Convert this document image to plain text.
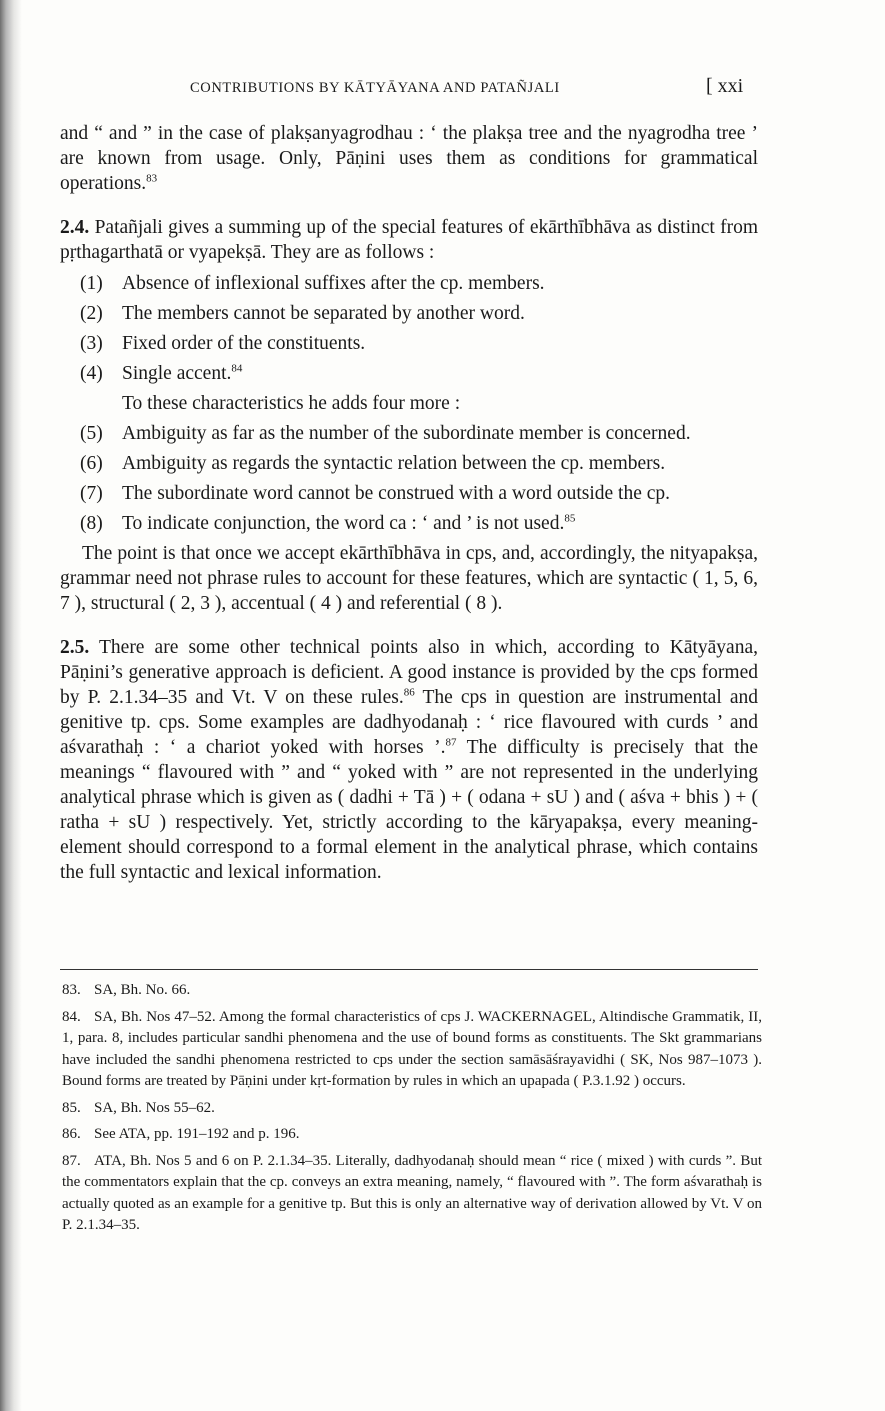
CONTRIBUTIONS BY KĀTYĀYANA AND PATAÑJALI	[ xxi

and “ and ” in the case of plakṣanyagrodhau : ‘ the plakṣa tree and the nyagrodha tree ’ are known from usage. Only, Pāṇini uses them as conditions for grammatical operations.$^{83}$

2.4. Patañjali gives a summing up of the special features of ekārthībhāva as distinct from pṛthagarthatā or vyapekṣā. They are as follows :

(1) Absence of inflexional suffixes after the cp. members.
(2) The members cannot be separated by another word.
(3) Fixed order of the constituents.
(4) Single accent.$^{84}$
To these characteristics he adds four more :
(5) Ambiguity as far as the number of the subordinate member is concerned.
(6) Ambiguity as regards the syntactic relation between the cp. members.
(7) The subordinate word cannot be construed with a word outside the cp.
(8) To indicate conjunction, the word ca : ‘ and ’ is not used.$^{85}$

The point is that once we accept ekārthībhāva in cps, and, accordingly, the nityapakṣa, grammar need not phrase rules to account for these features, which are syntactic ( 1, 5, 6, 7 ), structural ( 2, 3 ), accentual ( 4 ) and referential ( 8 ).

2.5. There are some other technical points also in which, according to Kātyāyana, Pāṇini’s generative approach is deficient. A good instance is provided by the cps formed by P. 2.1.34–35 and Vt. V on these rules.$^{86}$ The cps in question are instrumental and genitive tp. cps. Some examples are dadhyodanaḥ : ‘ rice flavoured with curds ’ and aśvarathaḥ : ‘ a chariot yoked with horses ’.$^{87}$ The difficulty is precisely that the meanings “ flavoured with ” and “ yoked with ” are not represented in the underlying analytical phrase which is given as ( dadhi + Tā ) + ( odana + sU ) and ( aśva + bhis ) + ( ratha + sU ) respectively. Yet, strictly according to the kāryapakṣa, every meaning-element should correspond to a formal element in the analytical phrase, which contains the full syntactic and lexical information.

83. SA, Bh. No. 66.
84. SA, Bh. Nos 47–52. Among the formal characteristics of cps J. WACKERNAGEL, Altindische Grammatik, II, 1, para. 8, includes particular sandhi phenomena and the use of bound forms as constituents. The Skt grammarians have included the sandhi phenomena restricted to cps under the section samāsāśrayavidhi ( SK, Nos 987–1073 ). Bound forms are treated by Pāṇini under kṛt-formation by rules in which an upapada ( P.3.1.92 ) occurs.
85. SA, Bh. Nos 55–62.
86. See ATA, pp. 191–192 and p. 196.
87. ATA, Bh. Nos 5 and 6 on P. 2.1.34–35. Literally, dadhyodanaḥ should mean “ rice ( mixed ) with curds ”. But the commentators explain that the cp. conveys an extra meaning, namely, “ flavoured with ”. The form aśvarathaḥ is actually quoted as an example for a genitive tp. But this is only an alternative way of derivation allowed by Vt. V on P. 2.1.34–35.
